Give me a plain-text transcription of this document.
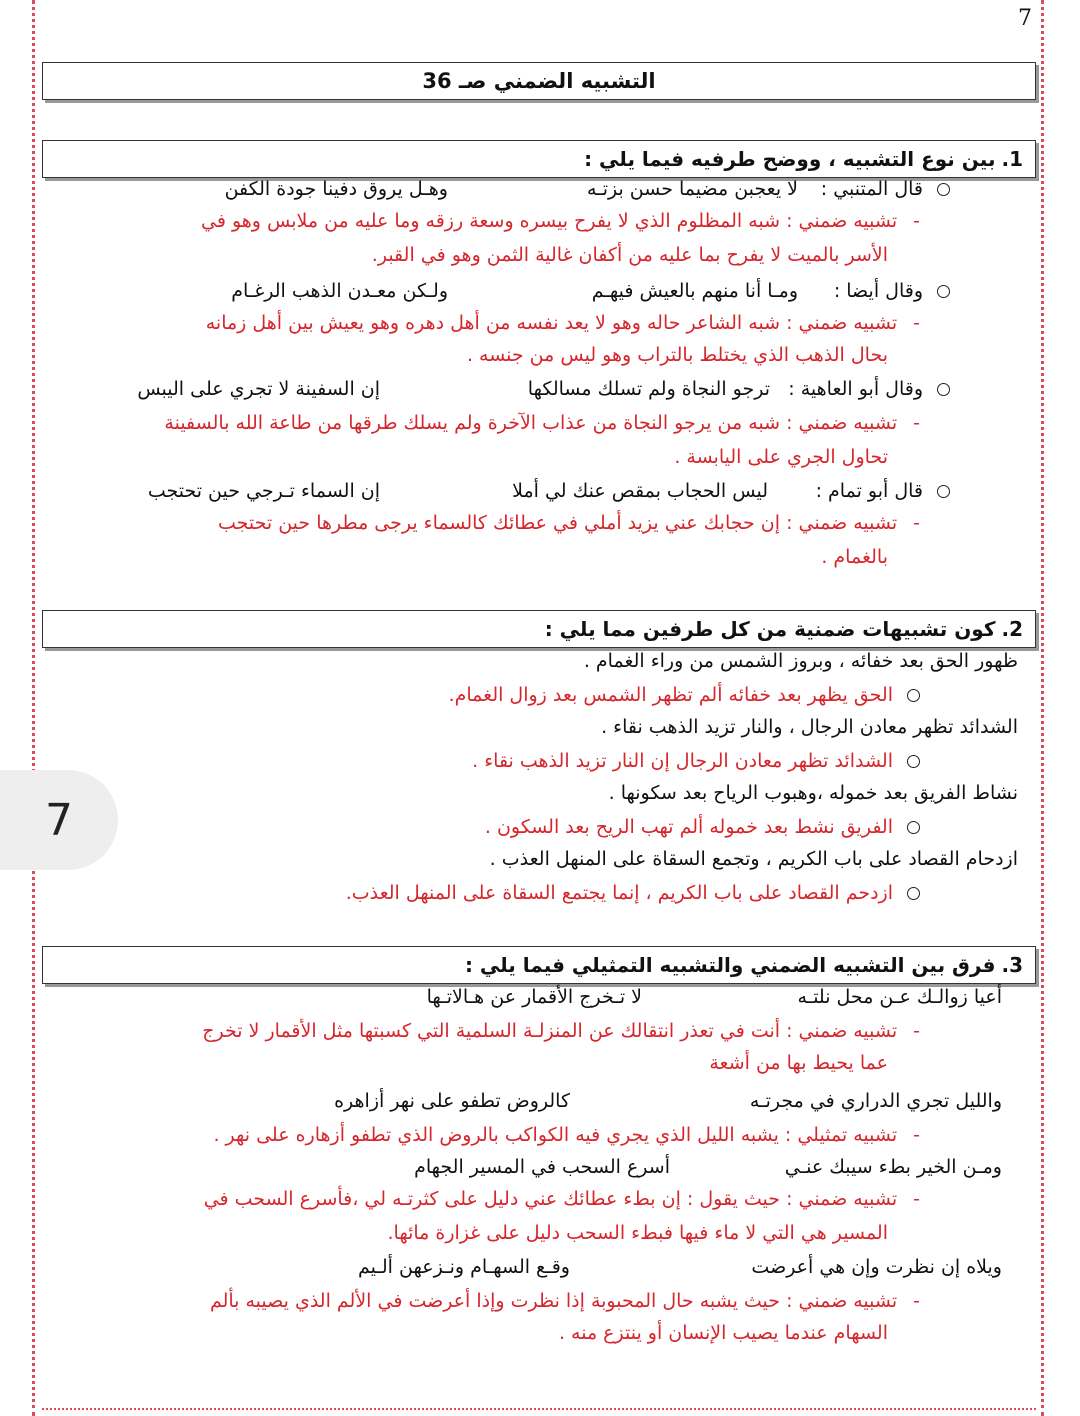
7
التشبيه الضمني صـ 36
1.بين نوع التشبيه ، ووضح طرفيه فيما يلي :
قال المتنبي :
لا يعجبن مضيما حسن بزتـه
وهـل يروق دفينا جودة الكفن
-تشبيه ضمني : شبه المظلوم الذي لا يفرح بيسره وسعة رزقه وما عليه من ملابس وهو في
الأسر بالميت لا يفرح بما عليه من أكفان غالية الثمن وهو في القبر.
وقال أيضا :
ومـا أنا منهم بالعيش فيهـم
ولـكن معـدن الذهب الرغـام
-تشبيه ضمني : شبه الشاعر حاله وهو لا يعد نفسه من أهل دهره وهو يعيش بين أهل زمانه
بحال الذهب الذي يختلط بالتراب وهو ليس من جنسه .
وقال أبو العاهية :
ترجو النجاة ولم تسلك مسالكها
إن السفينة لا تجري على اليبس
-تشبيه ضمني : شبه من يرجو النجاة من عذاب الآخرة ولم يسلك طرقها من طاعة الله بالسفينة
تحاول الجري على اليابسة .
قال أبو تمام :
ليس الحجاب بمقص عنك لي أملا
إن السماء تـرجي حين تحتجب
-تشبيه ضمني : إن حجابك عني يزيد أملي في عطائك كالسماء يرجى مطرها حين تحتجب
بالغمام .
2.كون تشبيهات ضمنية من كل طرفين مما يلي :
ظهور الحق بعد خفائه ، وبروز الشمس من وراء الغمام .
الحق يظهر بعد خفائه ألم تظهر الشمس بعد زوال الغمام.
الشدائد تظهر معادن الرجال ، والنار تزيد الذهب نقاء .
الشدائد تظهر معادن الرجال إن النار تزيد الذهب نقاء .
نشاط الفريق بعد خموله ،وهبوب الرياح بعد سكونها .
الفريق نشط بعد خموله ألم تهب الريح بعد السكون .
ازدحام القصاد على باب الكريم ، وتجمع السقاة على المنهل العذب .
ازدحم القصاد على باب الكريم ، إنما يجتمع السقاة على المنهل العذب.
7
3.فرق بين التشبيه الضمني والتشبيه التمثيلي فيما يلي :
أعيا زوالـك عـن محل نلتـه
لا تـخرج الأقمار عن هـالاتـها
-تشبيه ضمني : أنت في تعذر انتقالك عن المنزلـة السلمية التي كسبتها مثل الأقمار لا تخرج
عما يحيط بها من أشعة
والليل تجري الدراري في مجرتـه
كالروض تطفو على نهر أزاهره
-تشبيه تمثيلي : يشبه الليل الذي يجري فيه الكواكب بالروض الذي تطفو أزهاره على نهر .
ومـن الخير بطء سيبك عنـي
أسرع السحب في المسير الجهام
-تشبيه ضمني : حيث يقول : إن بطء عطائك عني دليل على كثرتـه لي ،فأسرع السحب في
المسير هي التي لا ماء فيها فبطء السحب دليل على غزارة مائها.
ويلاه إن نظرت وإن هي أعرضت
وقـع السهـام ونـزعهن ألـيم
-تشبيه ضمني : حيث يشبه حال المحبوبة إذا نظرت وإذا أعرضت في الألم الذي يصيبه بألم
السهام عندما يصيب الإنسان أو ينتزع منه .
